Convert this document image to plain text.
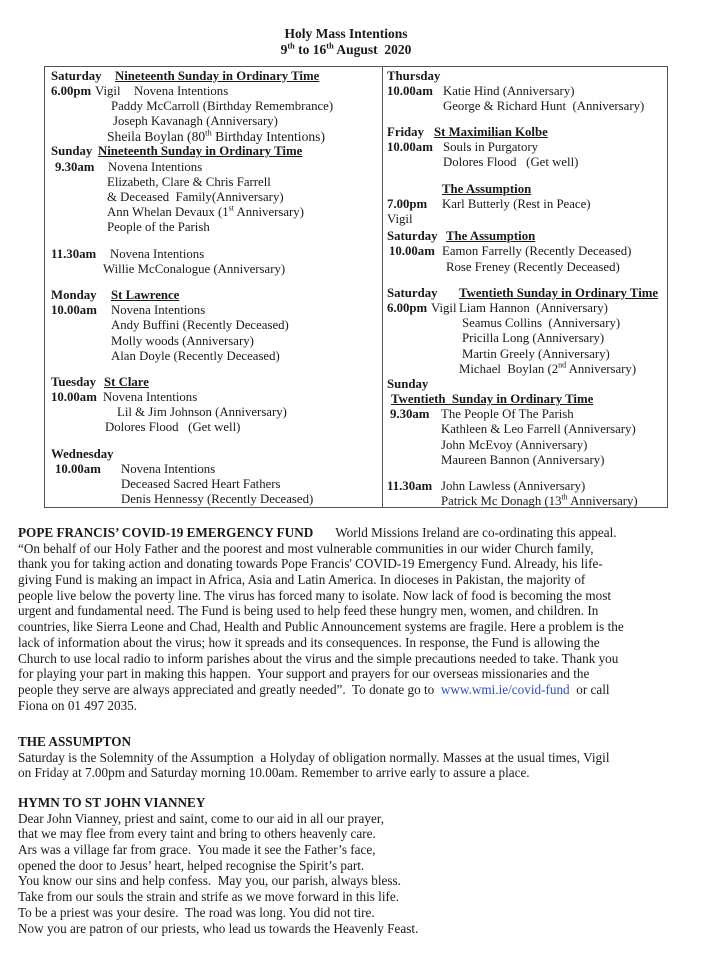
Holy Mass Intentions
9th to 16th August  2020
Saturday Nineteenth Sunday in Ordinary Time
6.00pm Vigil Novena Intentions
Paddy McCarroll (Birthday Remembrance)
Joseph Kavanagh (Anniversary)
Sheila Boylan (80th Birthday Intentions)
Sunday Nineteenth Sunday in Ordinary Time
9.30am Novena Intentions
Elizabeth, Clare & Chris Farrell
& Deceased  Family(Anniversary)
Ann Whelan Devaux (1st Anniversary)
People of the Parish
11.30am Novena Intentions
Willie McConalogue (Anniversary)
Monday St Lawrence
10.00am Novena Intentions
Andy Buffini (Recently Deceased)
Molly woods (Anniversary)
Alan Doyle (Recently Deceased)
Tuesday St Clare
10.00am Novena Intentions
Lil & Jim Johnson (Anniversary)
Dolores Flood   (Get well)
Wednesday
10.00am Novena Intentions
Deceased Sacred Heart Fathers
Denis Hennessy (Recently Deceased)
Thursday
10.00am Katie Hind (Anniversary)
George & Richard Hunt  (Anniversary)
Friday St Maximilian Kolbe
10.00am Souls in Purgatory
Dolores Flood   (Get well)
The Assumption
7.00pm Karl Butterly (Rest in Peace)
Vigil
Saturday The Assumption
10.00am Eamon Farrelly (Recently Deceased)
Rose Freney (Recently Deceased)
Saturday Twentieth Sunday in Ordinary Time
6.00pm Vigil Liam Hannon  (Anniversary)
Seamus Collins  (Anniversary)
Pricilla Long (Anniversary)
Martin Greely (Anniversary)
Michael  Boylan (2nd Anniversary)
Sunday
Twentieth  Sunday in Ordinary Time
9.30am The People Of The Parish
Kathleen & Leo Farrell (Anniversary)
John McEvoy (Anniversary)
Maureen Bannon (Anniversary)
11.30am John Lawless (Anniversary)
Patrick Mc Donagh (13th Anniversary)
POPE FRANCIS’ COVID-19 EMERGENCY FUND World Missions Ireland are co-ordinating this appeal.
“On behalf of our Holy Father and the poorest and most vulnerable communities in our wider Church family,
thank you for taking action and donating towards Pope Francis' COVID-19 Emergency Fund. Already, his life-
giving Fund is making an impact in Africa, Asia and Latin America. In dioceses in Pakistan, the majority of
people live below the poverty line. The virus has forced many to isolate. Now lack of food is becoming the most
urgent and fundamental need. The Fund is being used to help feed these hungry men, women, and children. In
countries, like Sierra Leone and Chad, Health and Public Announcement systems are fragile. Here a problem is the
lack of information about the virus; how it spreads and its consequences. In response, the Fund is allowing the
Church to use local radio to inform parishes about the virus and the simple precautions needed to take. Thank you
for playing your part in making this happen.  Your support and prayers for our overseas missionaries and the
people they serve are always appreciated and greatly needed”.  To donate go to  www.wmi.ie/covid-fund  or call
Fiona on 01 497 2035.
THE ASSUMPTON
Saturday is the Solemnity of the Assumption  a Holyday of obligation normally. Masses at the usual times, Vigil
on Friday at 7.00pm and Saturday morning 10.00am. Remember to arrive early to assure a place.
HYMN TO ST JOHN VIANNEY
Dear John Vianney, priest and saint, come to our aid in all our prayer,
that we may flee from every taint and bring to others heavenly care.
Ars was a village far from grace.  You made it see the Father’s face,
opened the door to Jesus’ heart, helped recognise the Spirit’s part.
You know our sins and help confess.  May you, our parish, always bless.
Take from our souls the strain and strife as we move forward in this life.
To be a priest was your desire.  The road was long. You did not tire.
Now you are patron of our priests, who lead us towards the Heavenly Feast.
